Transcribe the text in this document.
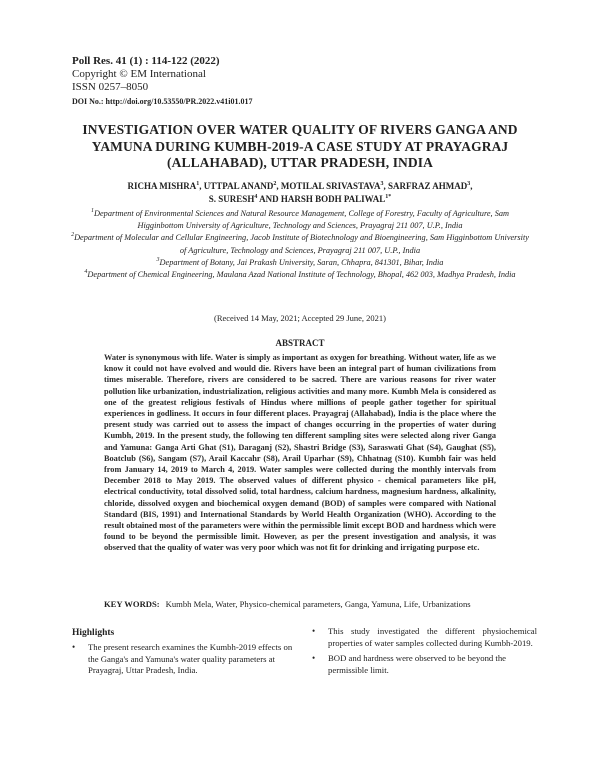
Poll Res. 41 (1) : 114-122 (2022)
Copyright © EM International
ISSN 0257–8050
DOI No.: http://doi.org/10.53550/PR.2022.v41i01.017
INVESTIGATION OVER WATER QUALITY OF RIVERS GANGA AND YAMUNA DURING KUMBH-2019-A CASE STUDY AT PRAYAGRAJ (ALLAHABAD), UTTAR PRADESH, INDIA
RICHA MISHRA$^1$, UTTPAL ANAND$^2$, MOTILAL SRIVASTAVA$^3$, SARFRAZ AHMAD$^3$,
S. SURESH$^4$ AND HARSH BODH $PALIWAL^{1*}$
$^1$Department of Environmental Sciences and Natural Resource Management, College of Forestry, Faculty of Agriculture, Sam Higginbottom University of Agriculture, Technology and Sciences, Prayagraj 211 007, U.P., India
$^2$Department of Molecular and Cellular Engineering, Jacob Institute of Biotechnology and Bioengineering, Sam Higginbottom University of Agriculture, Technology and Sciences, Prayagraj 211 007, U.P., India
$^3$Department of Botany, Jai Prakash University, Saran, Chhapra, 841301, Bihar, India
$^4$Department of Chemical Engineering, Maulana Azad National Institute of Technology, Bhopal, 462 003, Madhya Pradesh, India
(Received 14 May, 2021; Accepted 29 June, 2021)
ABSTRACT
Water is synonymous with life. Water is simply as important as oxygen for breathing. Without water, life as we know it could not have evolved and would die. Rivers have been an integral part of human civilizations from times miserable. Therefore, rivers are considered to be sacred. There are various reasons for river water pollution like urbanization, industrialization, religious activities and many more. Kumbh Mela is considered as one of the greatest religious festivals of Hindus where millions of people gather together for spiritual experiences in godliness. It occurs in four different places. Prayagraj (Allahabad), India is the place where the present study was carried out to assess the impact of changes occurring in the properties of water during Kumbh, 2019. In the present study, the following ten different sampling sites were selected along river Ganga and Yamuna: Ganga Arti Ghat (S1), Daraganj (S2), Shastri Bridge (S3), Saraswati Ghat (S4), Gaughat (S5), Boatclub (S6), Sangam (S7), Arail Kaccahr (S8), Arail Uparhar (S9), Chhatnag (S10). Kumbh fair was held from January 14, 2019 to March 4, 2019. Water samples were collected during the monthly intervals from December 2018 to May 2019. The observed values of different physico - chemical parameters like pH, electrical conductivity, total dissolved solid, total hardness, calcium hardness, magnesium hardness, alkalinity, chloride, dissolved oxygen and biochemical oxygen demand (BOD) of samples were compared with National Standard (BIS, 1991) and International Standards by World Health Organization (WHO). According to the result obtained most of the parameters were within the permissible limit except BOD and hardness which were found to be beyond the permissible limit. However, as per the present investigation and analysis, it was observed that the quality of water was very poor which was not fit for drinking and irrigating purpose etc.
KEY WORDS: Kumbh Mela, Water, Physico-chemical parameters, Ganga, Yamuna, Life, Urbanizations
Highlights
•	The present research examines the Kumbh-2019 effects on the Ganga's and Yamuna's water quality parameters at Prayagraj, Uttar Pradesh, India.
•	This study investigated the different physiochemical properties of water samples collected during Kumbh-2019.
•	BOD and hardness were observed to be beyond the permissible limit.
